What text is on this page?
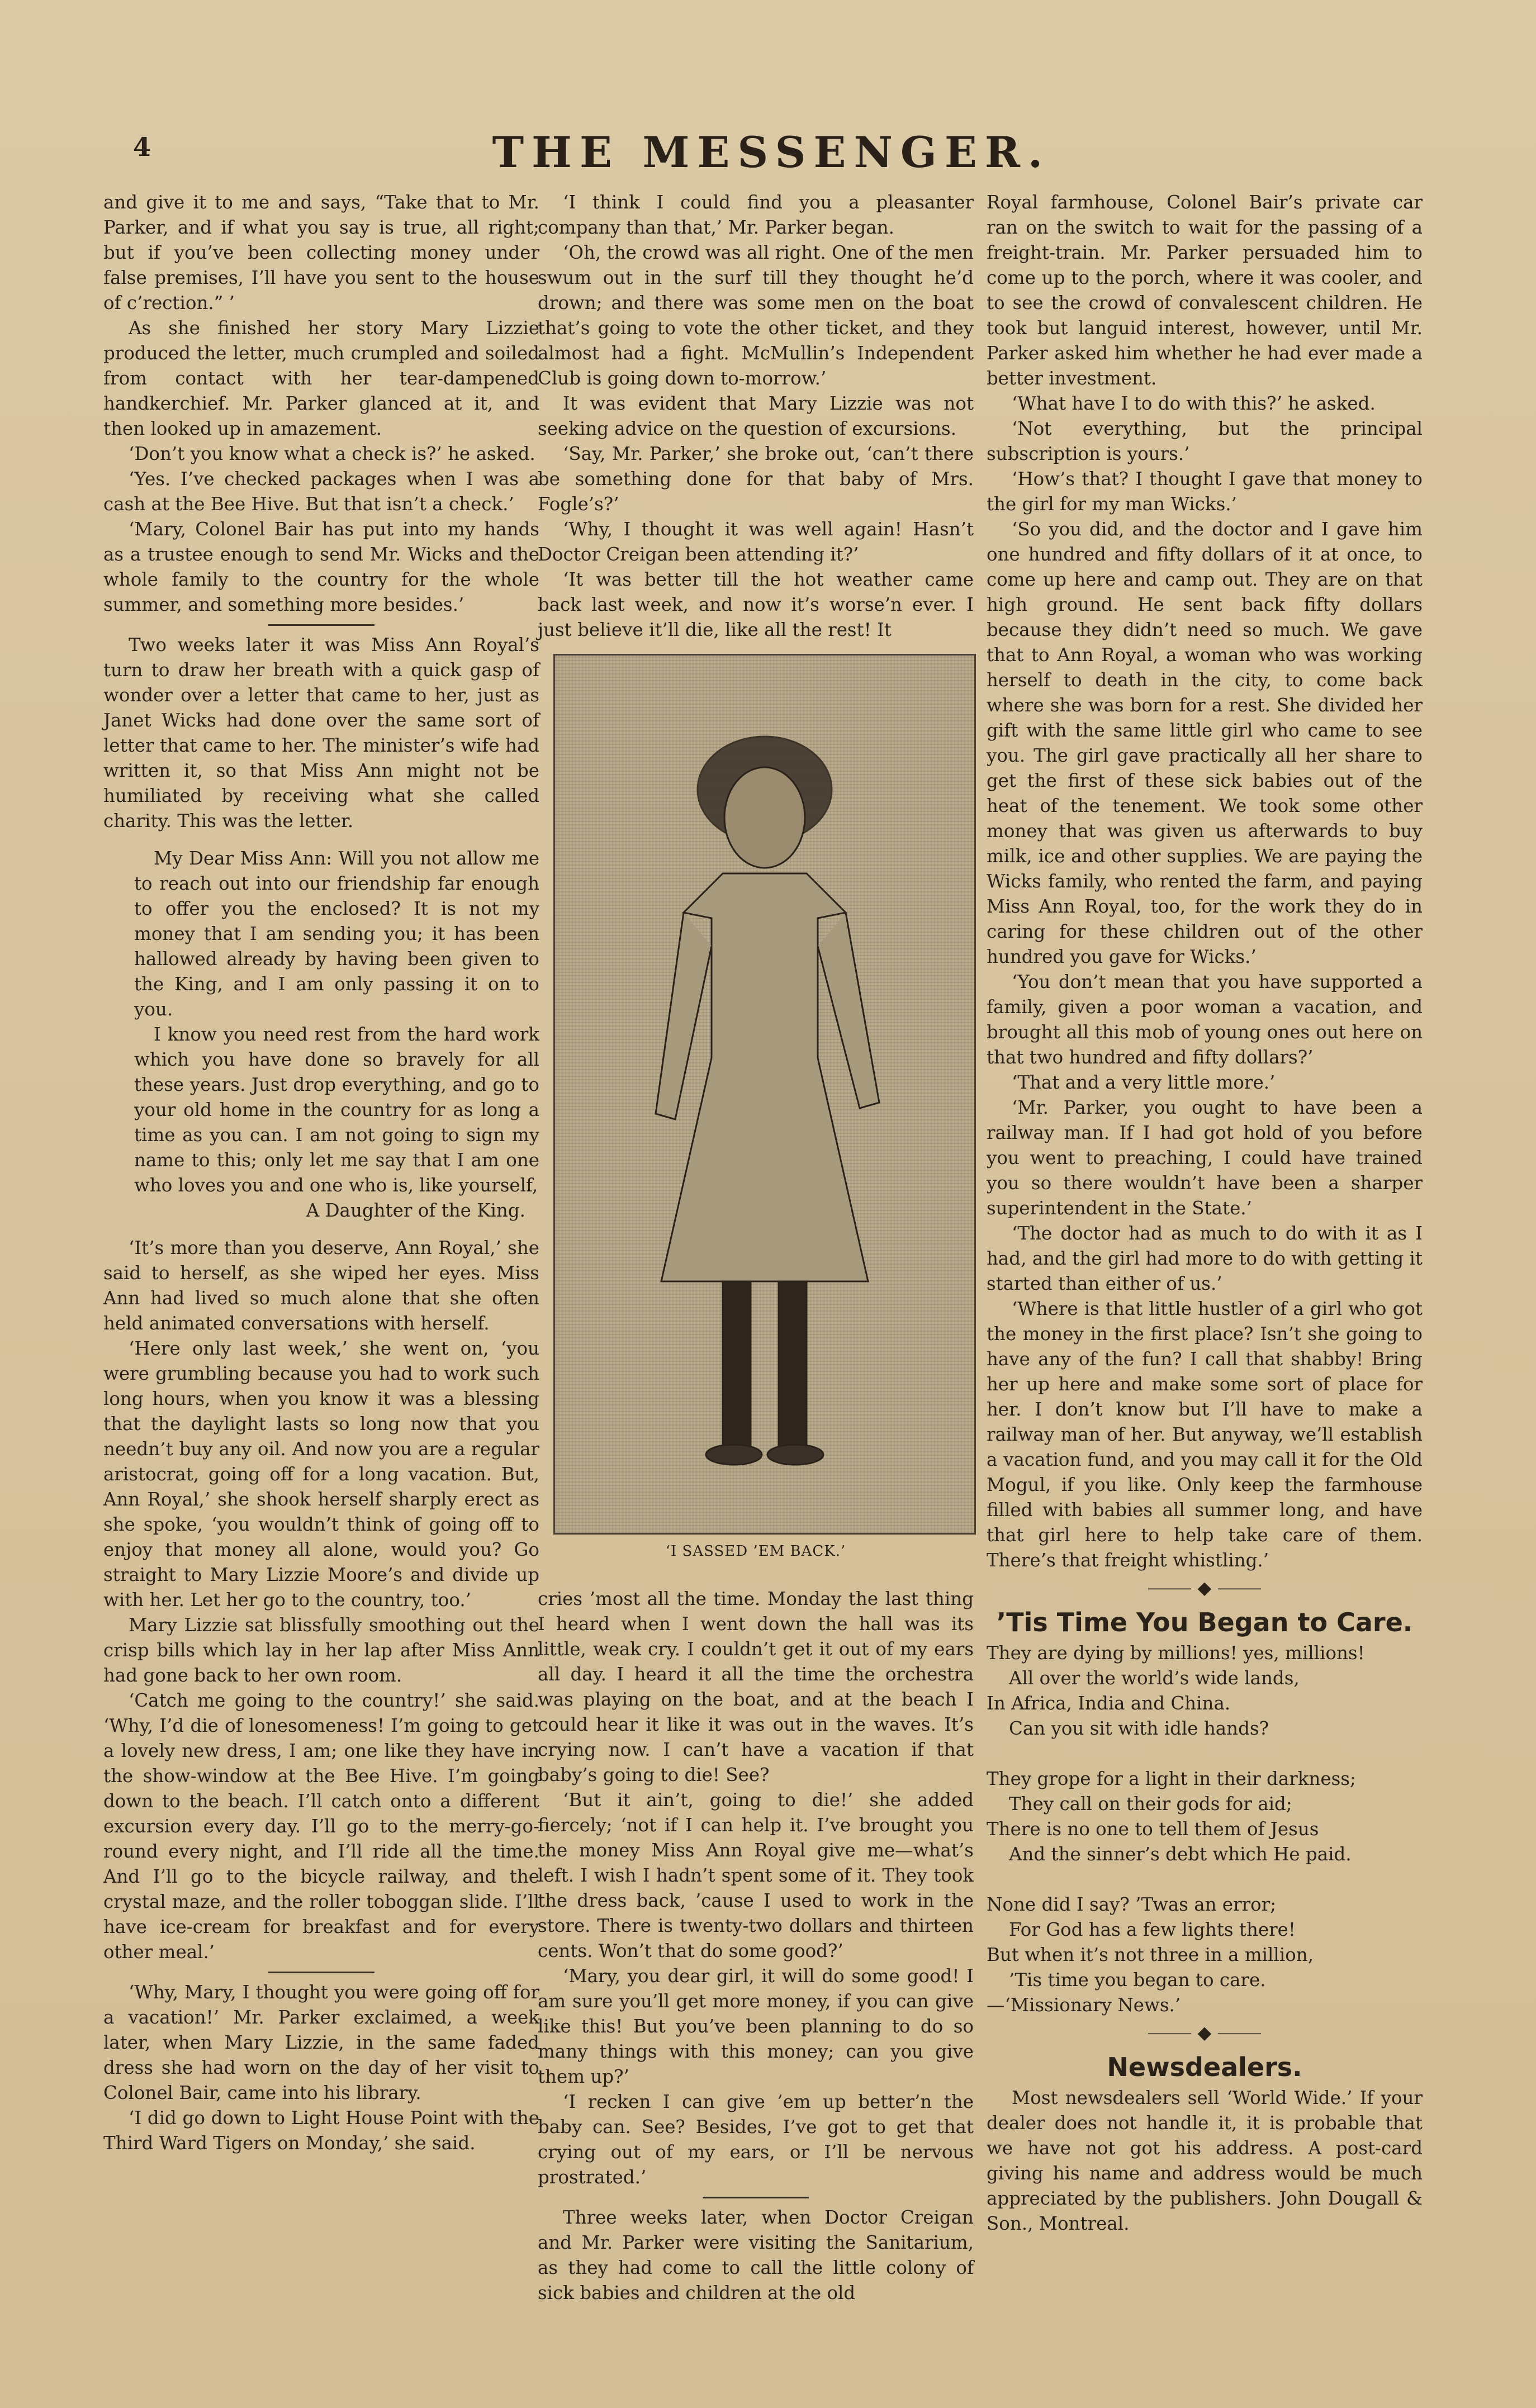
4	THE MESSENGER.

and give it to me and says, “Take that to Mr. Parker, and if what you say is true, all right; but if you’ve been collecting money under false premises, I’ll have you sent to the house of c’rection.” ’

As she finished her story Mary Lizzie produced the letter, much crumpled and soiled from contact with her tear-dampened handkerchief. Mr. Parker glanced at it, and then looked up in amazement.

‘Don’t you know what a check is?’ he asked.

‘Yes. I’ve checked packages when I was a cash at the Bee Hive. But that isn’t a check.’

‘Mary, Colonel Bair has put into my hands as a trustee enough to send Mr. Wicks and the whole family to the country for the whole summer, and something more besides.’

Two weeks later it was Miss Ann Royal’s turn to draw her breath with a quick gasp of wonder over a letter that came to her, just as Janet Wicks had done over the same sort of letter that came to her. The minister’s wife had written it, so that Miss Ann might not be humiliated by receiving what she called charity. This was the letter.

My Dear Miss Ann: Will you not allow me to reach out into our friendship far enough to offer you the enclosed? It is not my money that I am sending you; it has been hallowed already by having been given to the King, and I am only passing it on to you.

I know you need rest from the hard work which you have done so bravely for all these years. Just drop everything, and go to your old home in the country for as long a time as you can. I am not going to sign my name to this; only let me say that I am one who loves you and one who is, like yourself,

A Daughter of the King.

‘It’s more than you deserve, Ann Royal,’ she said to herself, as she wiped her eyes. Miss Ann had lived so much alone that she often held animated conversations with herself.

‘Here only last week,’ she went on, ‘you were grumbling because you had to work such long hours, when you know it was a blessing that the daylight lasts so long now that you needn’t buy any oil. And now you are a regular aristocrat, going off for a long vacation. But, Ann Royal,’ she shook herself sharply erect as she spoke, ‘you wouldn’t think of going off to enjoy that money all alone, would you? Go straight to Mary Lizzie Moore’s and divide up with her. Let her go to the country, too.’

Mary Lizzie sat blissfully smoothing out the crisp bills which lay in her lap after Miss Ann had gone back to her own room.

‘Catch me going to the country!’ she said. ‘Why, I’d die of lonesomeness! I’m going to get a lovely new dress, I am; one like they have in the show-window at the Bee Hive. I’m going down to the beach. I’ll catch onto a different excursion every day. I’ll go to the merry-go-round every night, and I’ll ride all the time. And I’ll go to the bicycle railway, and the crystal maze, and the roller toboggan slide. I’ll have ice-cream for breakfast and for every other meal.’

‘Why, Mary, I thought you were going off for a vacation!’ Mr. Parker exclaimed, a week later, when Mary Lizzie, in the same faded dress she had worn on the day of her visit to Colonel Bair, came into his library.

‘I did go down to Light House Point with the Third Ward Tigers on Monday,’ she said.

‘I think I could find you a pleasanter company than that,’ Mr. Parker began.

‘Oh, the crowd was all right. One of the men swum out in the surf till they thought he’d drown; and there was some men on the boat that’s going to vote the other ticket, and they almost had a fight. McMullin’s Independent Club is going down to-morrow.’

It was evident that Mary Lizzie was not seeking advice on the question of excursions.

‘Say, Mr. Parker,’ she broke out, ‘can’t there be something done for that baby of Mrs. Fogle’s?’

‘Why, I thought it was well again! Hasn’t Doctor Creigan been attending it?’

‘It was better till the hot weather came back last week, and now it’s worse’n ever. I just believe it’ll die, like all the rest! It

‘I SASSED ’EM BACK.’

cries ’most all the time. Monday the last thing I heard when I went down the hall was its little, weak cry. I couldn’t get it out of my ears all day. I heard it all the time the orchestra was playing on the boat, and at the beach I could hear it like it was out in the waves. It’s crying now. I can’t have a vacation if that baby’s going to die! See?

‘But it ain’t, going to die!’ she added fiercely; ‘not if I can help it. I’ve brought you the money Miss Ann Royal give me—what’s left. I wish I hadn’t spent some of it. They took the dress back, ’cause I used to work in the store. There is twenty-two dollars and thirteen cents. Won’t that do some good?’

‘Mary, you dear girl, it will do some good! I am sure you’ll get more money, if you can give like this! But you’ve been planning to do so many things with this money; can you give them up?’

‘I recken I can give ’em up better’n the baby can. See? Besides, I’ve got to get that crying out of my ears, or I’ll be nervous prostrated.’

Three weeks later, when Doctor Creigan and Mr. Parker were visiting the Sanitarium, as they had come to call the little colony of sick babies and children at the old

Royal farmhouse, Colonel Bair’s private car ran on the switch to wait for the passing of a freight-train. Mr. Parker persuaded him to come up to the porch, where it was cooler, and to see the crowd of convalescent children. He took but languid interest, however, until Mr. Parker asked him whether he had ever made a better investment.

‘What have I to do with this?’ he asked.

‘Not everything, but the principal subscription is yours.’

‘How’s that? I thought I gave that money to the girl for my man Wicks.’

‘So you did, and the doctor and I gave him one hundred and fifty dollars of it at once, to come up here and camp out. They are on that high ground. He sent back fifty dollars because they didn’t need so much. We gave that to Ann Royal, a woman who was working herself to death in the city, to come back where she was born for a rest. She divided her gift with the same little girl who came to see you. The girl gave practically all her share to get the first of these sick babies out of the heat of the tenement. We took some other money that was given us afterwards to buy milk, ice and other supplies. We are paying the Wicks family, who rented the farm, and paying Miss Ann Royal, too, for the work they do in caring for these children out of the other hundred you gave for Wicks.’

‘You don’t mean that you have supported a family, given a poor woman a vacation, and brought all this mob of young ones out here on that two hundred and fifty dollars?’

‘That and a very little more.’

‘Mr. Parker, you ought to have been a railway man. If I had got hold of you before you went to preaching, I could have trained you so there wouldn’t have been a sharper superintendent in the State.’

‘The doctor had as much to do with it as I had, and the girl had more to do with getting it started than either of us.’

‘Where is that little hustler of a girl who got the money in the first place? Isn’t she going to have any of the fun? I call that shabby! Bring her up here and make some sort of place for her. I don’t know but I’ll have to make a railway man of her. But anyway, we’ll establish a vacation fund, and you may call it for the Old Mogul, if you like. Only keep the farmhouse filled with babies all summer long, and have that girl here to help take care of them. There’s that freight whistling.’

⸻ ◆ ⸻
’Tis Time You Began to Care.

They are dying by millions! yes, millions!

All over the world’s wide lands,

In Africa, India and China.

Can you sit with idle hands?

They grope for a light in their darkness;

They call on their gods for aid;

There is no one to tell them of Jesus

And the sinner’s debt which He paid.

None did I say? ’Twas an error;

For God has a few lights there!

But when it’s not three in a million,

’Tis time you began to care.

—‘Missionary News.’

⸻ ◆ ⸻
Newsdealers.

Most newsdealers sell ‘World Wide.’ If your dealer does not handle it, it is probable that we have not got his address. A post-card giving his name and address would be much appreciated by the publishers. John Dougall & Son., Montreal.
